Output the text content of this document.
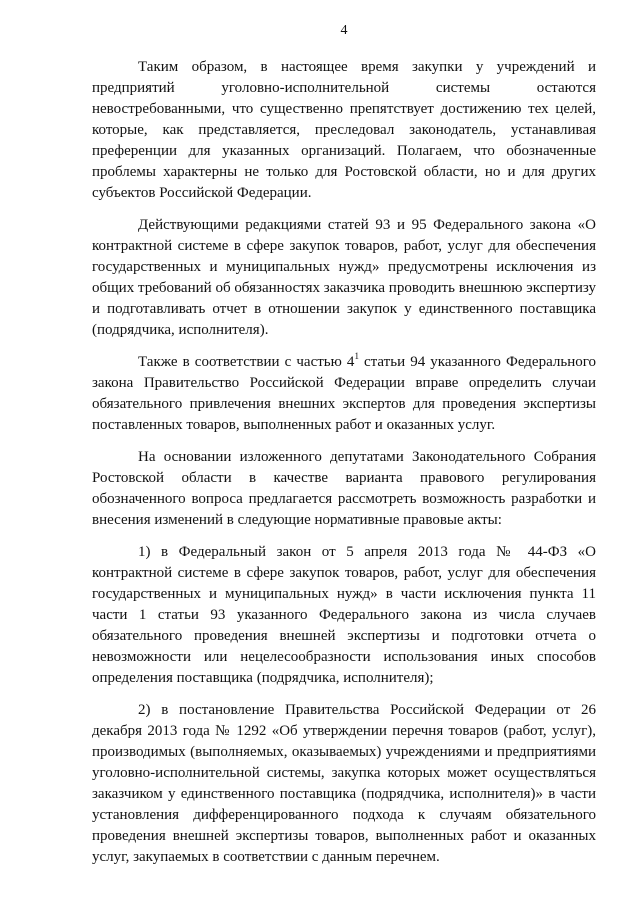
4

Таким образом, в настоящее время закупки у учреждений и предприятий уголовно-исполнительной системы остаются невостребованными, что существенно препятствует достижению тех целей, которые, как представляется, преследовал законодатель, устанавливая преференции для указанных организаций. Полагаем, что обозначенные проблемы характерны не только для Ростовской области, но и для других субъектов Российской Федерации.

Действующими редакциями статей 93 и 95 Федерального закона «О контрактной системе в сфере закупок товаров, работ, услуг для обеспечения государственных и муниципальных нужд» предусмотрены исключения из общих требований об обязанностях заказчика проводить внешнюю экспертизу и подготавливать отчет в отношении закупок у единственного поставщика (подрядчика, исполнителя).

Также в соответствии с частью $4^1$ статьи 94 указанного Федерального закона Правительство Российской Федерации вправе определить случаи обязательного привлечения внешних экспертов для проведения экспертизы поставленных товаров, выполненных работ и оказанных услуг.

На основании изложенного депутатами Законодательного Собрания Ростовской области в качестве варианта правового регулирования обозначенного вопроса предлагается рассмотреть возможность разработки и внесения изменений в следующие нормативные правовые акты:

1) в Федеральный закон от 5 апреля 2013 года № 44-ФЗ «О контрактной системе в сфере закупок товаров, работ, услуг для обеспечения государственных и муниципальных нужд» в части исключения пункта 11 части 1 статьи 93 указанного Федерального закона из числа случаев обязательного проведения внешней экспертизы и подготовки отчета о невозможности или нецелесообразности использования иных способов определения поставщика (подрядчика, исполнителя);

2) в постановление Правительства Российской Федерации от 26 декабря 2013 года № 1292 «Об утверждении перечня товаров (работ, услуг), производимых (выполняемых, оказываемых) учреждениями и предприятиями уголовно-исполнительной системы, закупка которых может осуществляться заказчиком у единственного поставщика (подрядчика, исполнителя)» в части установления дифференцированного подхода к случаям обязательного проведения внешней экспертизы товаров, выполненных работ и оказанных услуг, закупаемых в соответствии с данным перечнем.
